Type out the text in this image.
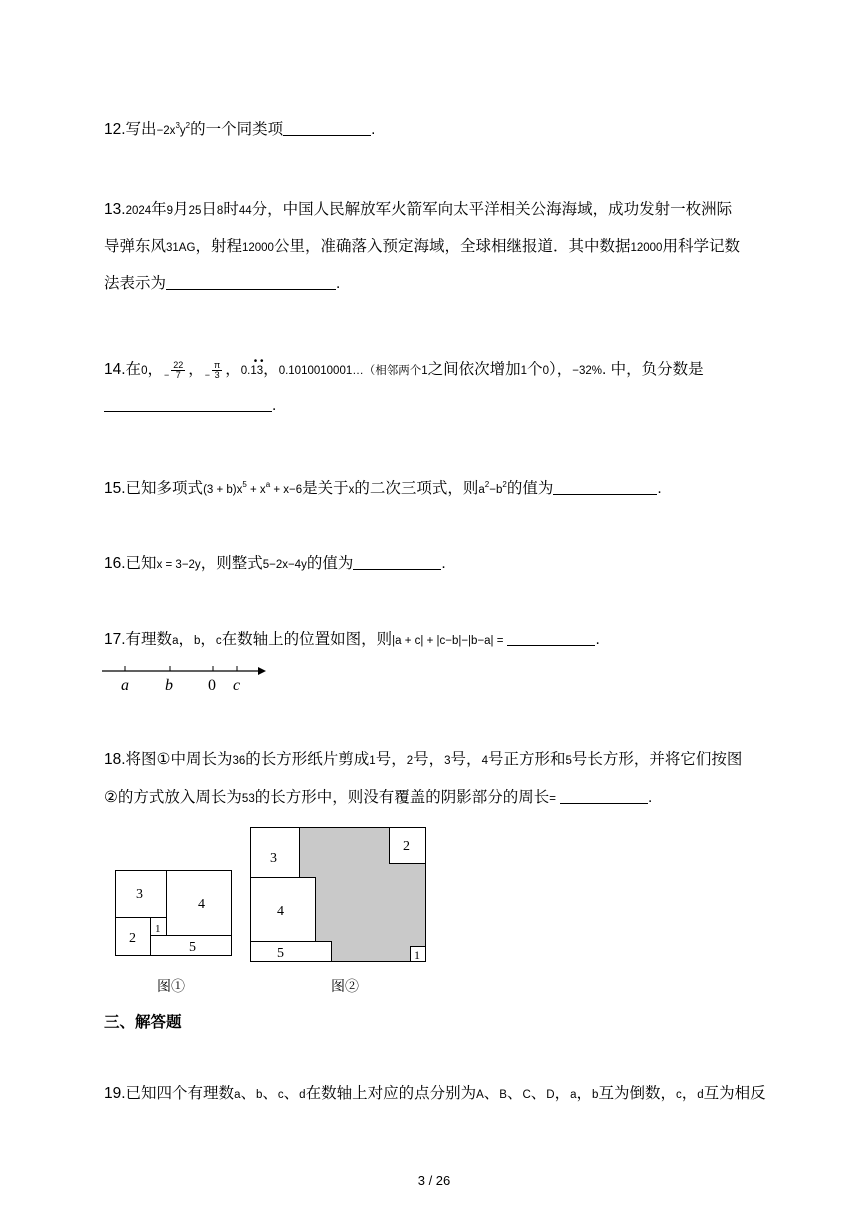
12.写出$-2x^3y^2$的一个同类项	.
13.2024年9月25日8时44分，中国人民解放军火箭军向太平洋相关公海海域，成功发射一枚洲际
导弹东风31AG，射程12000公里，准确落入预定海域，全球相继报道．其中数据12000用科学记数
法表示为	.
14.在0，− $\frac{22}{7}$ ，− $\frac{\pi}{3}$ ， • •
0.13，0.1010010001…（相邻两个1之间依次增加1个0），−32%. 中，负分数是
.
15.已知多项式$(3 + b)x^5 + x^a + x-6$是关于x的二次三项式，则$a^2-b^2$的值为	.
16.已知x = 3−2y，则整式5−2x−4y的值为	.
17.有理数a，b，c在数轴上的位置如图，则|a + c| + |c−b|−|b−a| =	.
a b 0 c
18.将图①中周长为36的长方形纸片剪成1号，2号，3号，4号正方形和5号长方形，并将它们按图
②的方式放入周长为53的长方形中，则没有覆盖的阴影部分的周长=	.
3
4
1
2
5
图①
3
2
4
5	1
图②
三、解答题
19.已知四个有理数a、b、c、d在数轴上对应的点分别为A、B、C、D，a，b互为倒数，c，d互为相反
3 / 26
